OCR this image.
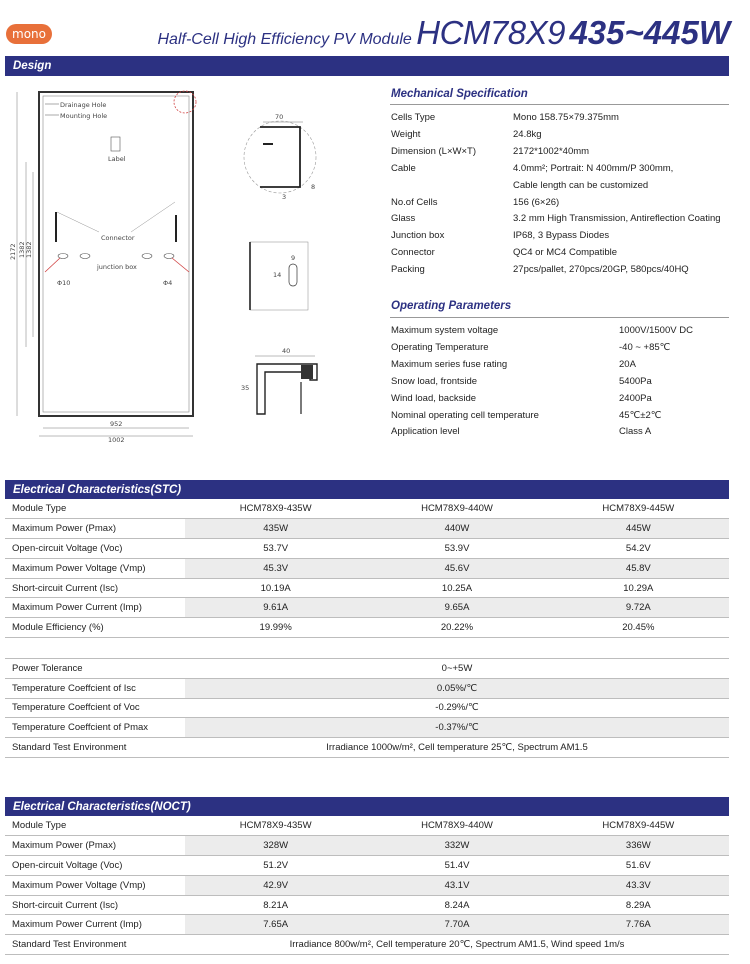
mono	Half-Cell High Efficiency PV Module HCM78X9 435~445W
Design
2172 1382 1382
Drainage Hole
Mounting Hole
Label
Connector
junction box
Φ10	Φ4
952
1002
70
3
8
14
9
40
35
Mechanical Specification
Cells Type	Mono 158.75×79.375mm
Weight	24.8kg
Dimension (L×W×T)	2172*1002*40mm
Cable	4.0mm²; Portrait: N 400mm/P 300mm,
Cable length can be customized
No.of Cells	156 (6×26)
Glass	3.2 mm High Transmission, Antireflection Coating
Junction box	IP68, 3 Bypass Diodes
Connector	QC4 or MC4 Compatible
Packing	27pcs/pallet, 270pcs/20GP, 580pcs/40HQ
Operating Parameters
Maximum system voltage	1000V/1500V DC
Operating Temperature	-40 ~ +85℃
Maximum series fuse rating	20A
Snow load, frontside	5400Pa
Wind load, backside	2400Pa
Nominal operating cell temperature	45℃±2℃
Application level	Class A
Electrical Characteristics(STC)
Module Type	HCM78X9-435W	HCM78X9-440W	HCM78X9-445W
Maximum Power (Pmax)	435W	440W	445W
Open-circuit Voltage (Voc)	53.7V	53.9V	54.2V
Maximum Power Voltage (Vmp)	45.3V	45.6V	45.8V
Short-circuit Current (Isc)	10.19A	10.25A	10.29A
Maximum Power Current (Imp)	9.61A	9.65A	9.72A
Module Efficiency (%)	19.99%	20.22%	20.45%
Power Tolerance	0~+5W
Temperature Coeffcient of Isc	0.05%/℃
Temperature Coeffcient of Voc	-0.29%/℃
Temperature Coeffcient of Pmax	-0.37%/℃
Standard Test Environment	Irradiance 1000w/m², Cell temperature 25℃, Spectrum AM1.5
Electrical Characteristics(NOCT)
Module Type	HCM78X9-435W	HCM78X9-440W	HCM78X9-445W
Maximum Power (Pmax)	328W	332W	336W
Open-circuit Voltage (Voc)	51.2V	51.4V	51.6V
Maximum Power Voltage (Vmp)	42.9V	43.1V	43.3V
Short-circuit Current (Isc)	8.21A	8.24A	8.29A
Maximum Power Current (Imp)	7.65A	7.70A	7.76A
Standard Test Environment	Irradiance 800w/m², Cell temperature 20℃, Spectrum AM1.5, Wind speed 1m/s		
